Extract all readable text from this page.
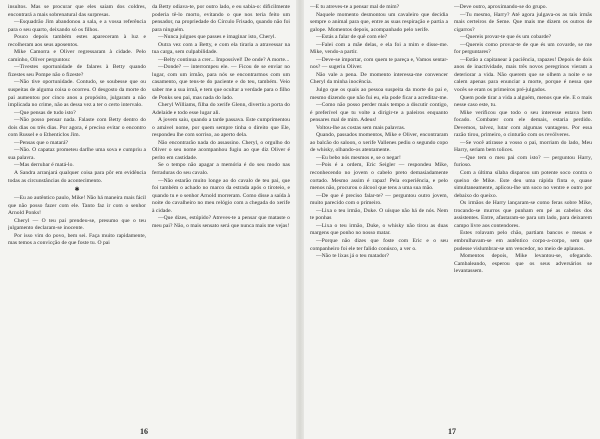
insultos. Mas se procurar que eles saiam dos coldres, encontrará a mais sobrenatural das surpresas.

—Esquadrão Jim abandonou a sala, e a vossa referência para o seu quarto, deixando só os filhos.

Pouco depois também estes apareceram à luz e recolheram aos seus aposentos.

Mike Camorra e Oliver regressaram à cidade. Pelo caminho, Oliver perguntou:

—Tivestes oportunidade de falares à Betty quando fizestes seu Pompe não o fizeste?

—Não tive oportunidade. Contudo, se soubesse que ou suspeitas de alguma coisa o ocorreu. O desgosto da morte do pai aumentou por cinco anos a propósito, julgaram a não implicada no crime, não as dessa vez a ter o certo intervalo.

—Que pensas de tudo isto?

—Não posso pensar nada. Falaste com Betty dentro do dois dias ou três dias. Por agora, é preciso evitar o encontro com Russel e o Ethenticlos Jim.

—Pensas que o matará?

—Não. O capataz prometeu darlhe uma sova e cumpriu a sua palavra.

—Mas derrubar é matá-lo.

A Sandra arranjará qualquer coisa para pôr em evidência todas as circunstâncias do acontecimento.

✱

—Eu ao autêntico paulo, Mike! Não há maneira mais fácil que não posso fazer com ele. Tanto faz ir com o senhor Arnold Ponks!

Cheryl — O teu pai prendeu-se, presumo que o teu julgamento declaram-se inocente.

Por isso vim do povo, bem sei. Faça muito rapidamente, mas temos a convicção de que foste tu. O pai

da Betty odiava-te, por outro lado, e eu sabia-o: dificilmente poderia tê-lo morto, evitando o que nos teria feito um pensador, na propriedade do Círculo Frisado, quando não foi para ninguém.

—Nunca julgues que passes e imaginar isto, Cheryl.

Outra vez com a Betty, e com ela tiraria a atravessar na tua carga, sem culpabilidade.

—Belty continua a crer... Impossível! De onde? A morte...

—Donde? — interrompeu ele. — Ficou de se enviar no lugar, com um irmão, para nós se encontrarmos com um casamento, que tens-te do paciente e do teu, também. Veio saber me a sua irmã, e tem que ocultar a verdade para o filho de Ponks seu pai, mas nada do lado.

Cheryl Williams, filha do xerife Glenn, divertiu a porta do Adelaide e todo esse lugar ali.

A jovem saiu, quando a tarde passava. Este cumprimentou o amável nome, por quem sempre tinha o direito que Ele, respondeu lhe com sorriso, ao aperto dela.

Não encontrarão nada do assassino. Cheryl, o orgulho do Oliver o seu nome acompanhou fugiu ao que diz Oliver é perito em castidade.

Se o tempo não apagar a memória é do seu modo nas ferraduras do seu cavalo.

—Não estarão muito longe ao do cavalo de teu pai, que foi também o achado no marco da estrada após o tiroteio, e quando tu e o senhor Arnold morreram. Como disse a saída à noite do cavalheiro no meu relógio com a chegada do xerife à cidade.

—Que dizes, estúpido? Atreves-te a pensar que mataste o meu pai? Não, o mais sensato será que nunca mais me vejas!

16

—E tu atreves-te a pensar mal de mim?

Naquele momento desmontou um cavaleiro que decidia sempre o animal para que, entre as suas respiração e partia a galope. Momentos depois, acompanhado pelo xerife.

—Estás a falar de quê com ele?

—Falei com a mãe delas, e ela foi a mim e disse-me. Mike, vendo-a partir.

—Deve-se importar, com quem te pareça e, Vamos sentar-nos? — sugeriu Oliver.

Não vale a pena. De momento interessa-me convencer Cheryl da minha inocência.

Julgo que os quais ao pessoa suspeita da morte do pai e, mesmo dizendo que não fui eu, ela pode ficar a acreditar-me.

—Como não posso perder mais tempo a discutir contigo, é preferível que tu volte a dirigir-te a paleiros enquanto pensares mal de mim. Adeus!

Voltou-lhe as costas sem mais palavras.

Quando, passados momentos, Mike e Oliver, encontraram ao balcão do saloon, o xerife Vallenes pediu o segundo copo de whisky, olhando-os atentamente.

—Eu bebo nós mesmos e, se o negar!

—Pois é a ordem, Eric Seigler — respondeu Mike, reconhecendo no jovem o cabelo preto demasiadamente cortado. Mesmo assim é rapaz! Pela experiência, e pelo menos não, procurou o álcool que tens a uma sua mão.

—De que é preciso falar-te? — perguntou outro jovem, muito parecido com o primeiro.

—Lixa o teu irmão, Duke. O uísque não há de nós. Nem te ponhas

—Lixa o teu irmão, Duke, o whisky não tirou as duas margens que ponho no nosso matar.

—Porque não dizes que foste com Eric e o seu companheiro foi ele ter falido conúsco, a ver o.

—Não te lixas já o teu matador?

—Deve outro, aproximando-se do grupo.

—Tu mesmo, Harry? Até agora julgava-os as tais irmãs mais certeiros de Seme. Que mais me dizem os outros de cigarros?

—Quereis provar-te que és um cobarde?

—Quereis como provar-te de que és um covarde, se me for perguntares?

—Estão a capitanear à paciência, rapazes! Depois de dois anos de inactividade, mais três novos peregrinos vieram a deteriorar a vida. Não querem que se olhem a noite e se calem apenas para enunciar a morte, porque é nessa que vocês se eram os primeiros pré-julgados.

Quem pode tirar a vida a alguém, menos que ele. E o mais nesse caso este, tu.

Mike verificou que todo o seu interesse estava bem focado. Combater com ele demais, estaria perdido. Devemos, talvez, lutar com algumas vantagens. Por essa razão tirou, primeiro, o cinturão com os revólveres.

—Se você atirasse a vosso o pai, morriam do lado, Meu Harry, seriam bem tolices.

—Que tem o meu pai com isto? — perguntou Harry, furioso.

Com a última sílaba disparou um potente soco contra o queixo de Mike. Este deu uma rápida finta e, quase simultaneamente, aplicou-lhe um soco no ventre e outro por debaixo do queixo.

Os irmãos de Harry lançaram-se como feras sobre Mike, trocando-se murros que punham em pé as cabelos dos assistentes. Entre, afastaram-se para um lado, para deixarem campo livre aos contendores.

Estes rolavam pelo chão, partiam bancos e mesas e embrulhavam-se em autêntico corpo-a-corpo, sem que pudesse vislumbrar-se um vencedor, no meio de aplausos.

Momentos depois, Mike levantou-se, ofegando. Cambaleando, esperou que os seus adversários se levantassem.

17
